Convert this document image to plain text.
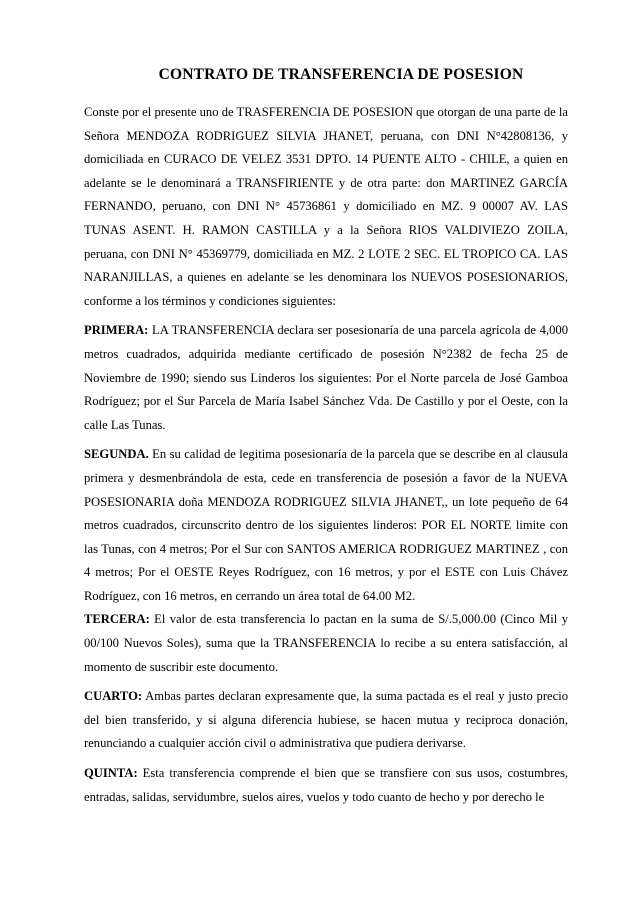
CONTRATO DE TRANSFERENCIA DE POSESION

Conste por el presente uno de TRASFERENCIA DE POSESION que otorgan de una parte de la Señora MENDOZA RODRIGUEZ SILVIA JHANET, peruana, con DNI N°42808136, y domiciliada en CURACO DE VELEZ 3531 DPTO. 14 PUENTE ALTO - CHILE, a quien en adelante se le denominará a TRANSFIRIENTE y de otra parte: don MARTINEZ GARCÍA FERNANDO, peruano, con DNI N° 45736861 y domiciliado en MZ. 9 00007 AV. LAS TUNAS ASENT. H. RAMON CASTILLA y a la Señora RIOS VALDIVIEZO ZOILA, peruana, con DNI N° 45369779, domiciliada en MZ. 2 LOTE 2 SEC. EL TROPICO CA. LAS NARANJILLAS, a quienes en adelante se les denominara los NUEVOS POSESIONARIOS, conforme a los términos y condiciones siguientes:

PRIMERA: LA TRANSFERENCIA declara ser posesionaría de una parcela agrícola de 4,000 metros cuadrados, adquirida mediante certificado de posesión N°2382 de fecha 25 de Noviembre de 1990; siendo sus Linderos los siguientes: Por el Norte parcela de José Gamboa Rodríguez; por el Sur Parcela de María Isabel Sánchez Vda. De Castillo y por el Oeste, con la calle Las Tunas.

SEGUNDA. En su calidad de legitima posesionaría de la parcela que se describe en al clausula primera y desmenbrándola de esta, cede en transferencia de posesión a favor de la NUEVA POSESIONARIA doña MENDOZA RODRIGUEZ SILVIA JHANET,, un lote pequeño de 64 metros cuadrados, circunscrito dentro de los siguientes linderos: POR EL NORTE limite con las Tunas, con 4 metros; Por el Sur con SANTOS AMERICA RODRIGUEZ MARTINEZ , con 4 metros; Por el OESTE Reyes Rodríguez, con 16 metros, y por el ESTE con Luis Chávez Rodríguez, con 16 metros, en cerrando un área total de 64.00 M2.

TERCERA: El valor de esta transferencia lo pactan en la suma de S/.5,000.00 (Cinco Mil y 00/100 Nuevos Soles), suma que la TRANSFERENCIA lo recibe a su entera satisfacción, al momento de suscribir este documento.

CUARTO: Ambas partes declaran expresamente que, la suma pactada es el real y justo precio del bien transferido, y si alguna diferencia hubiese, se hacen mutua y reciproca donación, renunciando a cualquier acción civil o administrativa que pudiera derivarse.

QUINTA: Esta transferencia comprende el bien que se transfiere con sus usos, costumbres, entradas, salidas, servidumbre, suelos aires, vuelos y todo cuanto de hecho y por derecho le
